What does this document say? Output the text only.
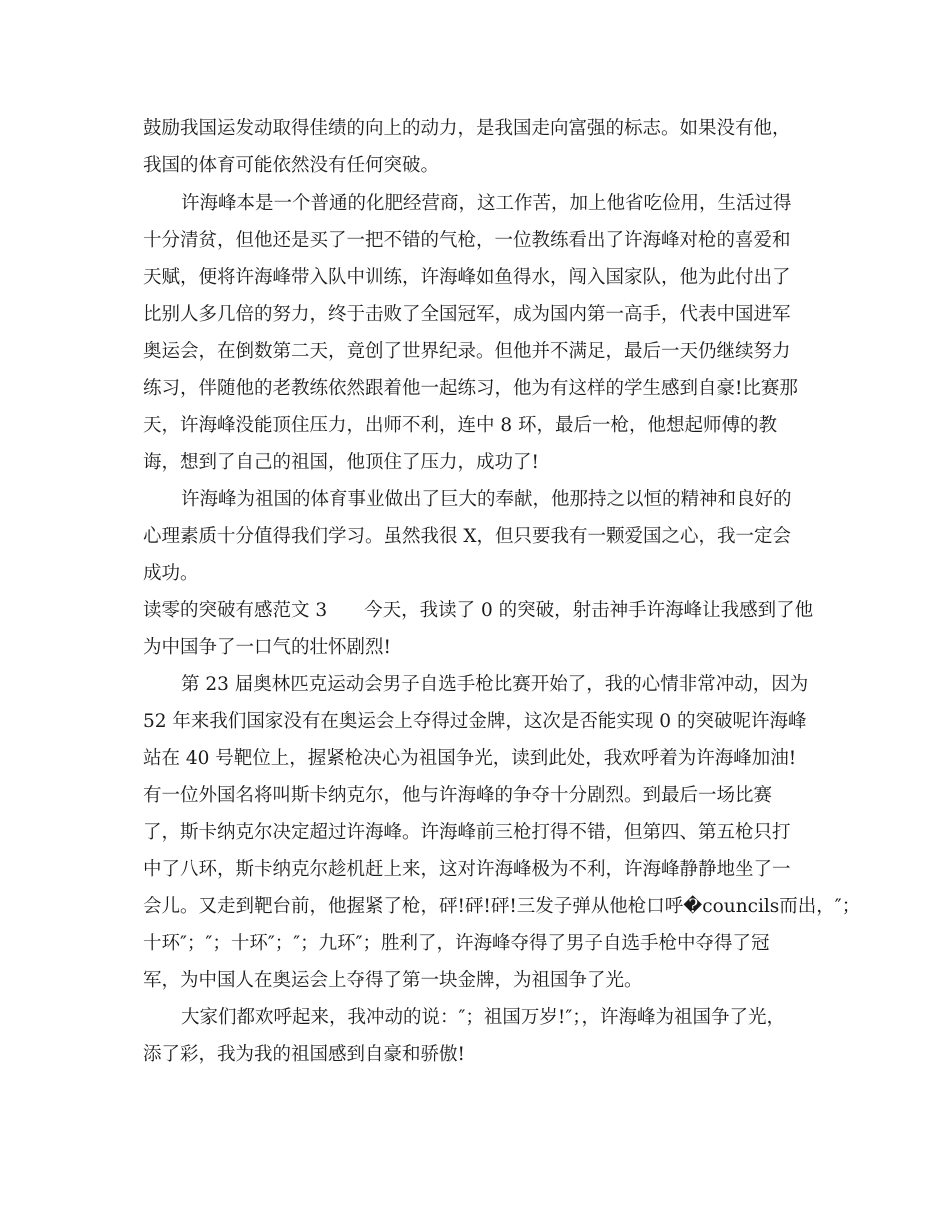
鼓励我国运发动取得佳绩的向上的动力，是我国走向富强的标志。如果没有他，
我国的体育可能依然没有任何突破。
许海峰本是一个普通的化肥经营商，这工作苦，加上他省吃俭用，生活过得
十分清贫，但他还是买了一把不错的气枪，一位教练看出了许海峰对枪的喜爱和
天赋，便将许海峰带入队中训练，许海峰如鱼得水，闯入国家队，他为此付出了
比别人多几倍的努力，终于击败了全国冠军，成为国内第一高手，代表中国进军
奥运会，在倒数第二天，竟创了世界纪录。但他并不满足，最后一天仍继续努力
练习，伴随他的老教练依然跟着他一起练习，他为有这样的学生感到自豪!比赛那
天，许海峰没能顶住压力，出师不利，连中 8 环，最后一枪，他想起师傅的教
诲，想到了自己的祖国，他顶住了压力，成功了!
许海峰为祖国的体育事业做出了巨大的奉献，他那持之以恒的精神和良好的
心理素质十分值得我们学习。虽然我很 X，但只要我有一颗爱国之心，我一定会
成功。
读零的突破有感范文 3　　今天，我读了 0 的突破，射击神手许海峰让我感到了他
为中国争了一口气的壮怀剧烈!
第 23 届奥林匹克运动会男子自选手枪比赛开始了，我的心情非常冲动，因为
52 年来我们国家没有在奥运会上夺得过金牌，这次是否能实现 0 的突破呢许海峰
站在 40 号靶位上，握紧枪决心为祖国争光，读到此处，我欢呼着为许海峰加油!
有一位外国名将叫斯卡纳克尔，他与许海峰的争夺十分剧烈。到最后一场比赛
了，斯卡纳克尔决定超过许海峰。许海峰前三枪打得不错，但第四、第五枪只打
中了八环，斯卡纳克尔趁机赶上来，这对许海峰极为不利，许海峰静静地坐了一
会儿。又走到靶台前，他握紧了枪，砰!砰!砰!三发子弹从他枪口呼�councils而出，″；
十环″；″；十环″；″；九环″；胜利了，许海峰夺得了男子自选手枪中夺得了冠
军，为中国人在奥运会上夺得了第一块金牌，为祖国争了光。
大家们都欢呼起来，我冲动的说：″；祖国万岁!″；，许海峰为祖国争了光，
添了彩，我为我的祖国感到自豪和骄傲!
